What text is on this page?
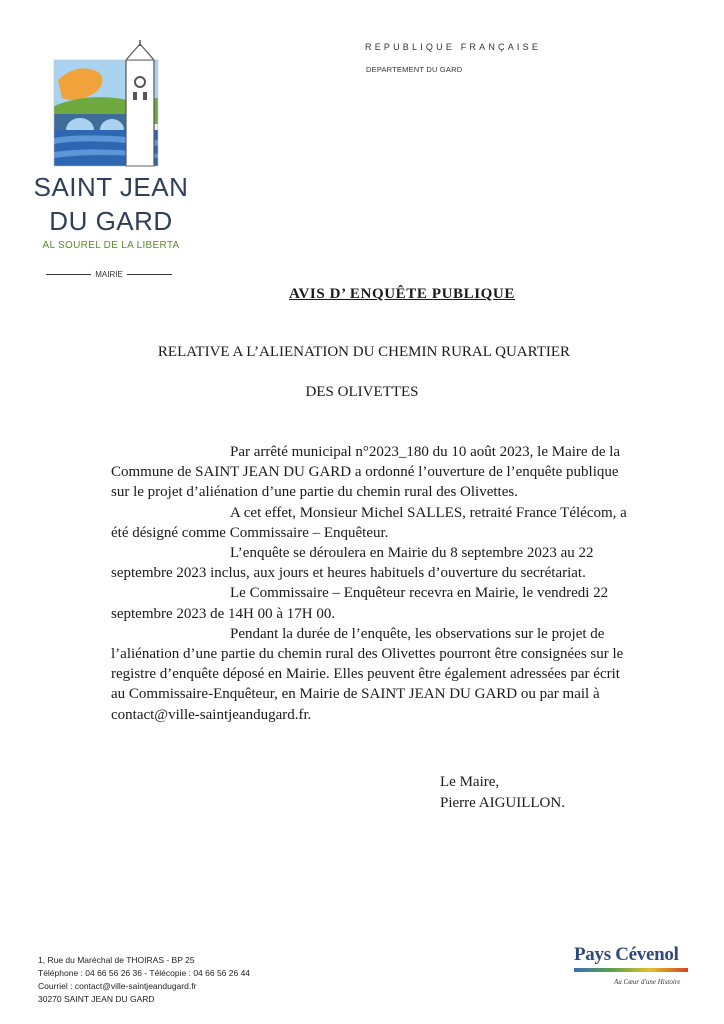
SAINT JEAN
DU GARD
AL SOUREL DE LA LIBERTA
MAIRIE
REPUBLIQUE FRANÇAISE
DEPARTEMENT DU GARD
AVIS D’ ENQUÊTE PUBLIQUE
RELATIVE A L’ALIENATION DU CHEMIN RURAL QUARTIER
DES OLIVETTES

Par arrêté municipal n°2023_180 du 10 août 2023, le Maire de la Commune de SAINT JEAN DU GARD a ordonné l’ouverture de l’enquête publique sur le projet d’aliénation d’une partie du chemin rural des Olivettes.

A cet effet, Monsieur Michel SALLES, retraité France Télécom, a été désigné comme Commissaire – Enquêteur.

L’enquête se déroulera en Mairie du 8 septembre 2023 au 22 septembre 2023 inclus, aux jours et heures habituels d’ouverture du secrétariat.

Le Commissaire – Enquêteur recevra en Mairie, le vendredi 22 septembre 2023 de 14H 00 à 17H 00.

Pendant la durée de l’enquête, les observations sur le projet de l’aliénation d’une partie du chemin rural des Olivettes pourront être consignées sur le registre d’enquête déposé en Mairie. Elles peuvent être également adressées par écrit au Commissaire-Enquêteur, en Mairie de SAINT JEAN DU GARD ou par mail à contact@ville-saintjeandugard.fr.

Le Maire,
Pierre AIGUILLON.
1, Rue du Maréchal de THOIRAS - BP 25
Téléphone : 04 66 56 26 36 - Télécopie : 04 66 56 26 44
Courriel : contact@ville-saintjeandugard.fr
30270 SAINT JEAN DU GARD
Pays Cévenol
Au Cœur d'une Histoire
